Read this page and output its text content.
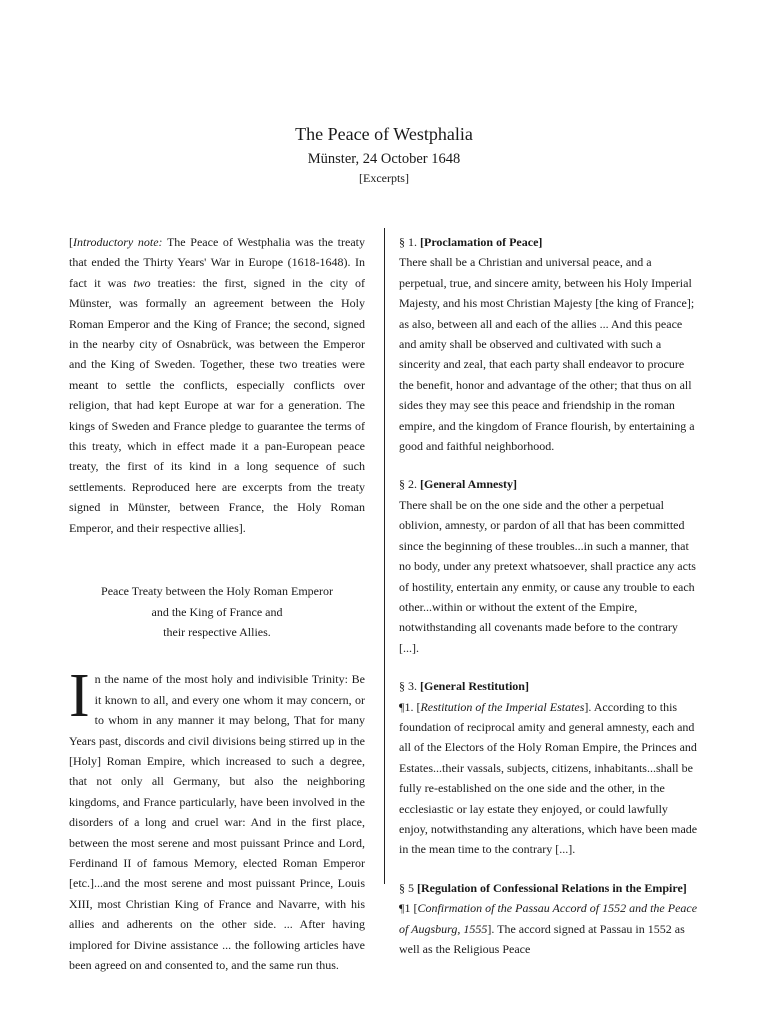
The Peace of Westphalia
Münster, 24 October 1648
[Excerpts]

[Introductory note: The Peace of Westphalia was the treaty that ended the Thirty Years' War in Europe (1618-1648). In fact it was two treaties: the first, signed in the city of Münster, was formally an agreement between the Holy Roman Emperor and the King of France; the second, signed in the nearby city of Osnabrück, was between the Emperor and the King of Sweden. Together, these two treaties were meant to settle the conflicts, especially conflicts over religion, that had kept Europe at war for a generation. The kings of Sweden and France pledge to guarantee the terms of this treaty, which in effect made it a pan-European peace treaty, the first of its kind in a long sequence of such settlements. Reproduced here are excerpts from the treaty signed in Münster, between France, the Holy Roman Emperor, and their respective allies].

Peace Treaty between the Holy Roman Emperor
and the King of France and
their respective Allies.

In the name of the most holy and indivisible Trinity: Be it known to all, and every one whom it may concern, or to whom in any manner it may belong, That for many Years past, discords and civil divisions being stirred up in the [Holy] Roman Empire, which increased to such a degree, that not only all Germany, but also the neighboring kingdoms, and France particularly, have been involved in the disorders of a long and cruel war: And in the first place, between the most serene and most puissant Prince and Lord, Ferdinand II of famous Memory, elected Roman Emperor [etc.]...and the most serene and most puissant Prince, Louis XIII, most Christian King of France and Navarre, with his allies and adherents on the other side. ... After having implored for Divine assistance ... the following articles have been agreed on and consented to, and the same run thus.

§ 1. [Proclamation of Peace]

There shall be a Christian and universal peace, and a perpetual, true, and sincere amity, between his Holy Imperial Majesty, and his most Christian Majesty [the king of France]; as also, between all and each of the allies ... And this peace and amity shall be observed and cultivated with such a sincerity and zeal, that each party shall endeavor to procure the benefit, honor and advantage of the other; that thus on all sides they may see this peace and friendship in the roman empire, and the kingdom of France flourish, by entertaining a good and faithful neighborhood.

§ 2. [General Amnesty]

There shall be on the one side and the other a perpetual oblivion, amnesty, or pardon of all that has been committed since the beginning of these troubles...in such a manner, that no body, under any pretext whatsoever, shall practice any acts of hostility, entertain any enmity, or cause any trouble to each other...within or without the extent of the Empire, notwithstanding all covenants made before to the contrary [...].

§ 3. [General Restitution]

¶1. [Restitution of the Imperial Estates]. According to this foundation of reciprocal amity and general amnesty, each and all of the Electors of the Holy Roman Empire, the Princes and Estates...their vassals, subjects, citizens, inhabitants...shall be fully re-established on the one side and the other, in the ecclesiastic or lay estate they enjoyed, or could lawfully enjoy, notwithstanding any alterations, which have been made in the mean time to the contrary [...].

§ 5 [Regulation of Confessional Relations in the Empire]

¶1 [Confirmation of the Passau Accord of 1552 and the Peace of Augsburg, 1555]. The accord signed at Passau in 1552 as well as the Religious Peace
